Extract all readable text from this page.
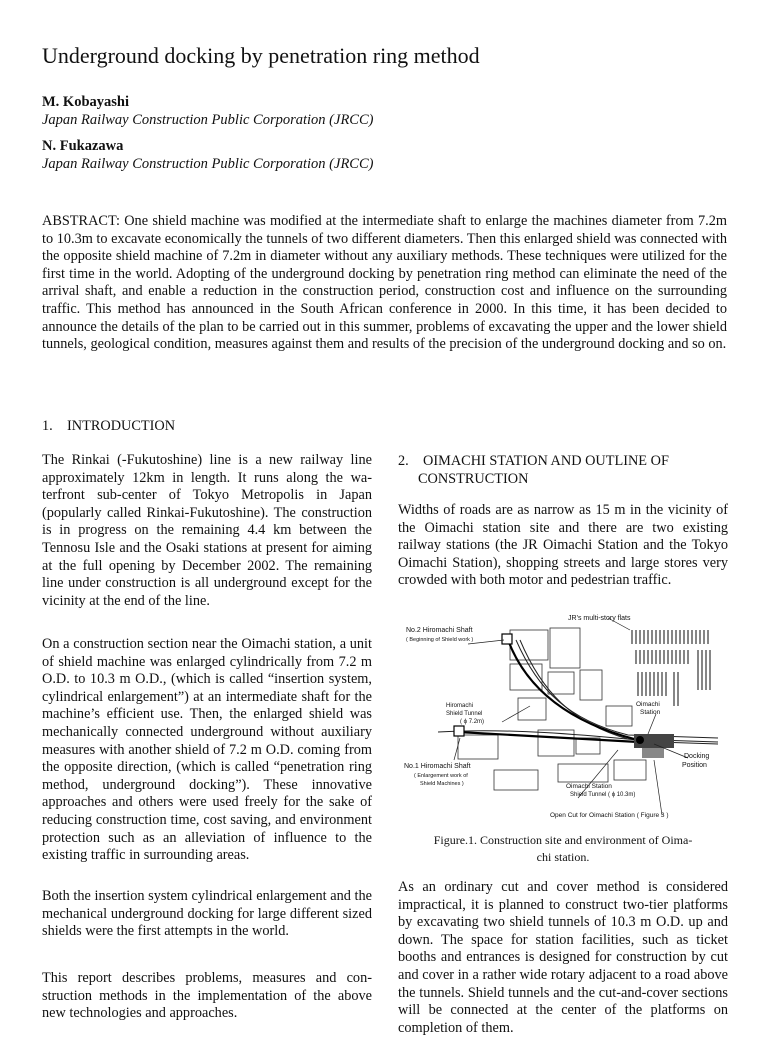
Underground docking by penetration ring method
M. Kobayashi
Japan Railway Construction Public Corporation (JRCC)
N. Fukazawa
Japan Railway Construction Public Corporation (JRCC)

ABSTRACT: One shield machine was modified at the intermediate shaft to enlarge the machines diameter from 7.2m to 10.3m to excavate economically the tunnels of two different diameters. Then this enlarged shield was connected with the opposite shield machine of 7.2m in diameter without any auxiliary methods. These techniques were utilized for the first time in the world. Adopting of the underground docking by penetration ring method can eliminate the need of the arrival shaft, and enable a reduction in the construction period, construction cost and influence on the surrounding traffic. This method has announced in the South African conference in 2000. In this time, it has been decided to announce the details of the plan to be carried out in this summer, problems of excavating the upper and the lower shield tunnels, geological condition, measures against them and results of the precision of the underground docking and so on.

1. INTRODUCTION

The Rinkai (-Fukutoshine) line is a new railway line approximately 12km in length. It runs along the waterfront sub-center of Tokyo Metropolis in Japan (popularly called Rinkai-Fukutoshine). The construction is in progress on the remaining 4.4 km between the Tennosu Isle and the Osaki stations at present for aiming at the full opening by December 2002. The remaining line under construction is all underground except for the vicinity at the end of the line.

On a construction section near the Oimachi station, a unit of shield machine was enlarged cylindrically from 7.2 m O.D. to 10.3 m O.D., (which is called “insertion system, cylindrical enlargement”) at an intermediate shaft for the machine’s efficient use. Then, the enlarged shield was mechanically connected underground without auxiliary measures with another shield of 7.2 m O.D. coming from the opposite direction, (which is called “penetration ring method, underground docking”). These innovative approaches and others were used freely for the sake of reducing construction time, cost saving, and environment protection such as an alleviation of influence to the existing traffic in surrounding areas.

Both the insertion system cylindrical enlargement and the mechanical underground docking for large different sized shields were the first attempts in the world.

This report describes problems, measures and construction methods in the implementation of the above new technologies and approaches.

2. OIMACHI STATION AND OUTLINE OF
CONSTRUCTION

Widths of roads are as narrow as 15 m in the vicinity of the Oimachi station site and there are two existing railway stations (the JR Oimachi Station and the Tokyo Oimachi Station), shopping streets and large stores very crowded with both motor and pedestrian traffic.

JR’s multi-story flats
No.2 Hiromachi Shaft
( Beginning of Shield work )
Hiromachi
Shield Tunnel
( ϕ 7.2m)
Oimachi
Station
Docking
Position
No.1 Hiromachi Shaft
( Enlargement work of
Shield Machines )	Oimachi Station
Shield Tunnel ( ϕ 10.3m)
Open Cut for Oimachi Station ( Figure 3 )
Figure.1. Construction site and environment of Oima-
chi station.

As an ordinary cut and cover method is considered impractical, it is planned to construct two-tier platforms by excavating two shield tunnels of 10.3 m O.D. up and down. The space for station facilities, such as ticket booths and entrances is designed for construction by cut and cover in a rather wide rotary adjacent to a road above the tunnels. Shield tunnels and the cut-and-cover sections will be connected at the center of the platforms on completion of them.
